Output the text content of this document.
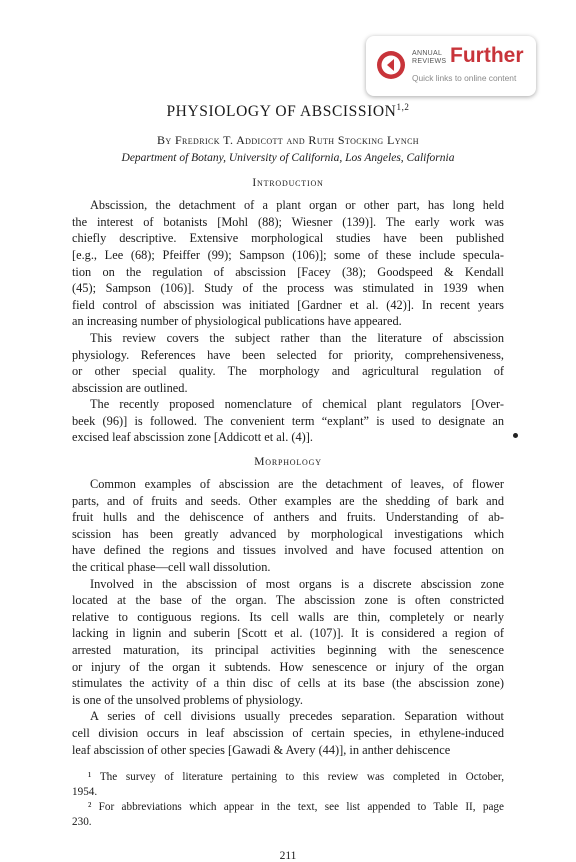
ANNUAL
REVIEWS Further
Quick links to online content
PHYSIOLOGY OF ABSCISSION$^{1,2}$
By Fredrick T. Addicott and Ruth Stocking Lynch
Department of Botany, University of California, Los Angeles, California
Introduction
Abscission, the detachment of a plant organ or other part, has long held
the interest of botanists [Mohl (88); Wiesner (139)]. The early work was
chiefly descriptive. Extensive morphological studies have been published
[e.g., Lee (68); Pfeiffer (99); Sampson (106)]; some of these include specula-
tion on the regulation of abscission [Facey (38); Goodspeed & Kendall
(45); Sampson (106)]. Study of the process was stimulated in 1939 when
field control of abscission was initiated [Gardner et al. (42)]. In recent years
an increasing number of physiological publications have appeared.
This review covers the subject rather than the literature of abscission
physiology. References have been selected for priority, comprehensiveness,
or other special quality. The morphology and agricultural regulation of
abscission are outlined.
The recently proposed nomenclature of chemical plant regulators [Over-
beek (96)] is followed. The convenient term “explant” is used to designate an
excised leaf abscission zone [Addicott et al. (4)].
Morphology
Common examples of abscission are the detachment of leaves, of flower
parts, and of fruits and seeds. Other examples are the shedding of bark and
fruit hulls and the dehiscence of anthers and fruits. Understanding of ab-
scission has been greatly advanced by morphological investigations which
have defined the regions and tissues involved and have focused attention on
the critical phase—cell wall dissolution.
Involved in the abscission of most organs is a discrete abscission zone
located at the base of the organ. The abscission zone is often constricted
relative to contiguous regions. Its cell walls are thin, completely or nearly
lacking in lignin and suberin [Scott et al. (107)]. It is considered a region of
arrested maturation, its principal activities beginning with the senescence
or injury of the organ it subtends. How senescence or injury of the organ
stimulates the activity of a thin disc of cells at its base (the abscission zone)
is one of the unsolved problems of physiology.
A series of cell divisions usually precedes separation. Separation without
cell division occurs in leaf abscission of certain species, in ethylene-induced
leaf abscission of other species [Gawadi & Avery (44)], in anther dehiscence
¹ The survey of literature pertaining to this review was completed in October,
1954.
² For abbreviations which appear in the text, see list appended to Table II, page
230.
211
